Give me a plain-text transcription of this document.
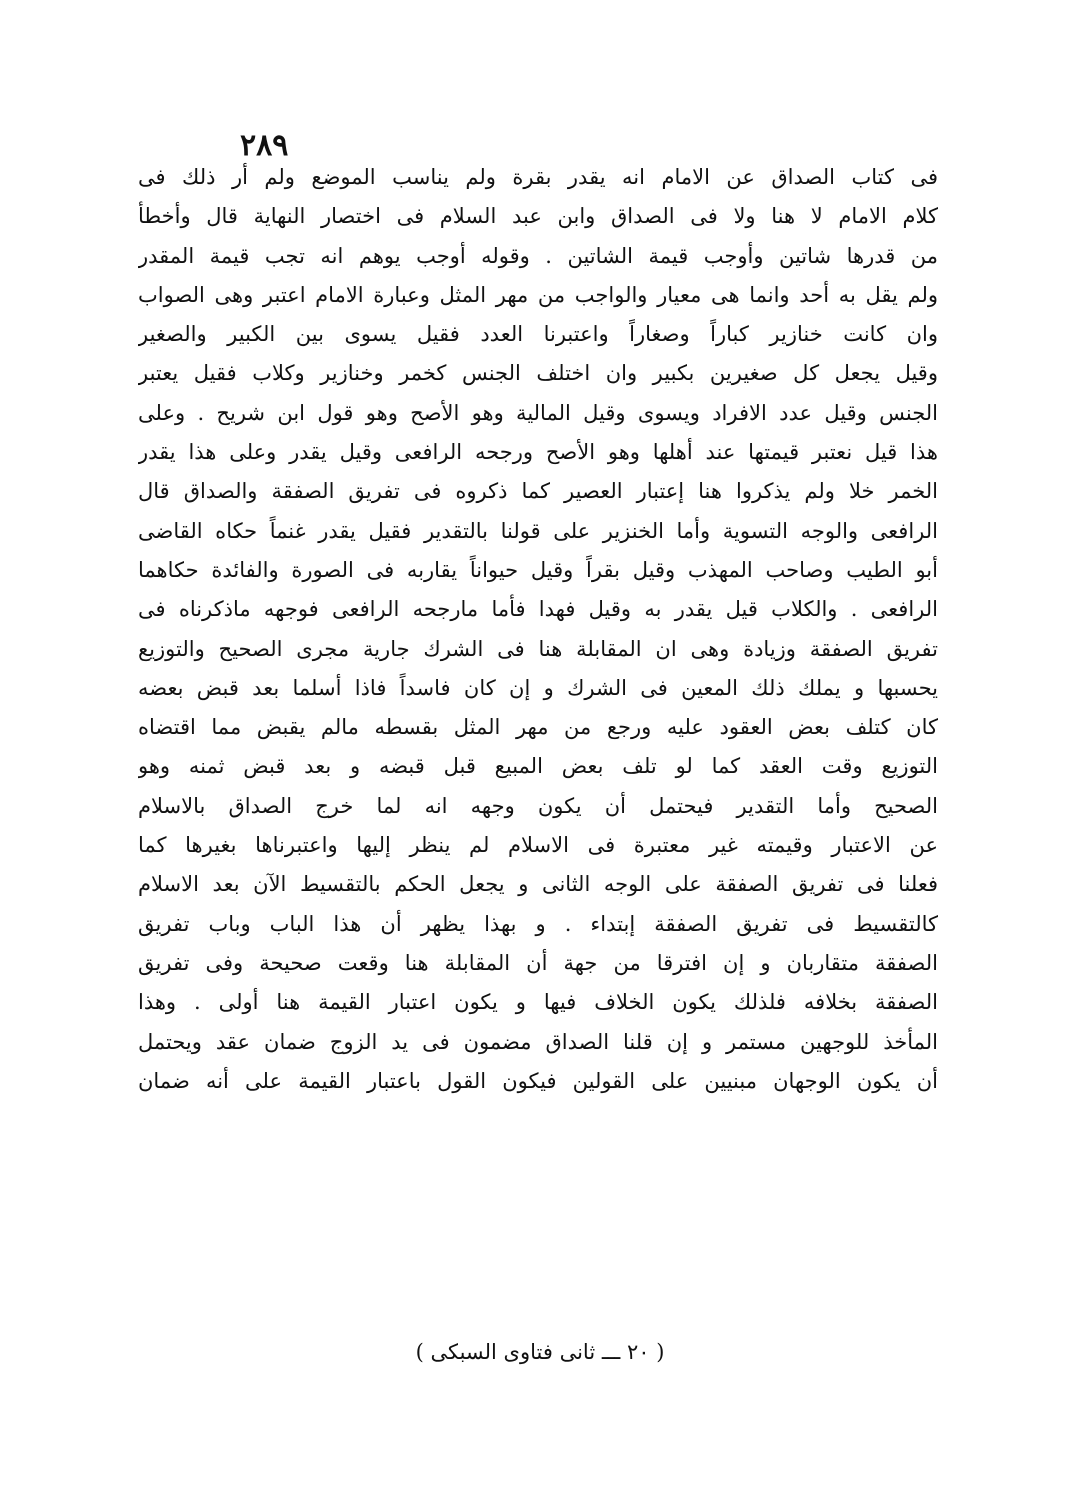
٢٨٩
فى كتاب الصداق عن الامام انه يقدر بقرة ولم يناسب الموضع ولم أر ذلك فى
كلام الامام لا هنا ولا فى الصداق وابن عبد السلام فى اختصار النهاية قال وأخطأ
من قدرها شاتين وأوجب قيمة الشاتين . وقوله أوجب يوهم انه تجب قيمة المقدر
ولم يقل به أحد وانما هى معيار والواجب من مهر المثل وعبارة الامام اعتبر وهى الصواب
وان كانت خنازير كباراً وصغاراً واعتبرنا العدد فقيل يسوى بين الكبير والصغير
وقيل يجعل كل صغيرين بكبير وان اختلف الجنس كخمر وخنازير وكلاب فقيل يعتبر
الجنس وقيل عدد الافراد ويسوى وقيل المالية وهو الأصح وهو قول ابن شريح . وعلى
هذا قيل نعتبر قيمتها عند أهلها وهو الأصح ورجحه الرافعى وقيل يقدر وعلى هذا يقدر
الخمر خلا ولم يذكروا هنا إعتبار العصير كما ذكروه فى تفريق الصفقة والصداق قال
الرافعى والوجه التسوية وأما الخنزير على قولنا بالتقدير فقيل يقدر غنماً حكاه القاضى
أبو الطيب وصاحب المهذب وقيل بقراً وقيل حيواناً يقاربه فى الصورة والفائدة حكاهما
الرافعى . والكلاب قيل يقدر به وقيل فهدا فأما مارجحه الرافعى فوجهه ماذكرناه فى
تفريق الصفقة وزيادة وهى ان المقابلة هنا فى الشرك جارية مجرى الصحيح والتوزيع
يحسبها و يملك ذلك المعين فى الشرك و إن كان فاسداً فاذا أسلما بعد قبض بعضه
كان كتلف بعض العقود عليه ورجع من مهر المثل بقسطه مالم يقبض مما اقتضاه
التوزيع وقت العقد كما لو تلف بعض المبيع قبل قبضه و بعد قبض ثمنه وهو
الصحيح وأما التقدير فيحتمل أن يكون وجهه انه لما خرج الصداق بالاسلام
عن الاعتبار وقيمته غير معتبرة فى الاسلام لم ينظر إليها واعتبرناها بغيرها كما
فعلنا فى تفريق الصفقة على الوجه الثانى و يجعل الحكم بالتقسيط الآن بعد الاسلام
كالتقسيط فى تفريق الصفقة إبتداء . و بهذا يظهر أن هذا الباب وباب تفريق
الصفقة متقاربان و إن افترقا من جهة أن المقابلة هنا وقعت صحيحة وفى تفريق
الصفقة بخلافه فلذلك يكون الخلاف فيها و يكون اعتبار القيمة هنا أولى . وهذا
المأخذ للوجهين مستمر و إن قلنا الصداق مضمون فى يد الزوج ضمان عقد ويحتمل
أن يكون الوجهان مبنيين على القولين فيكون القول باعتبار القيمة على أنه ضمان
( ٢٠ ـــ ثانى فتاوى السبكى )
